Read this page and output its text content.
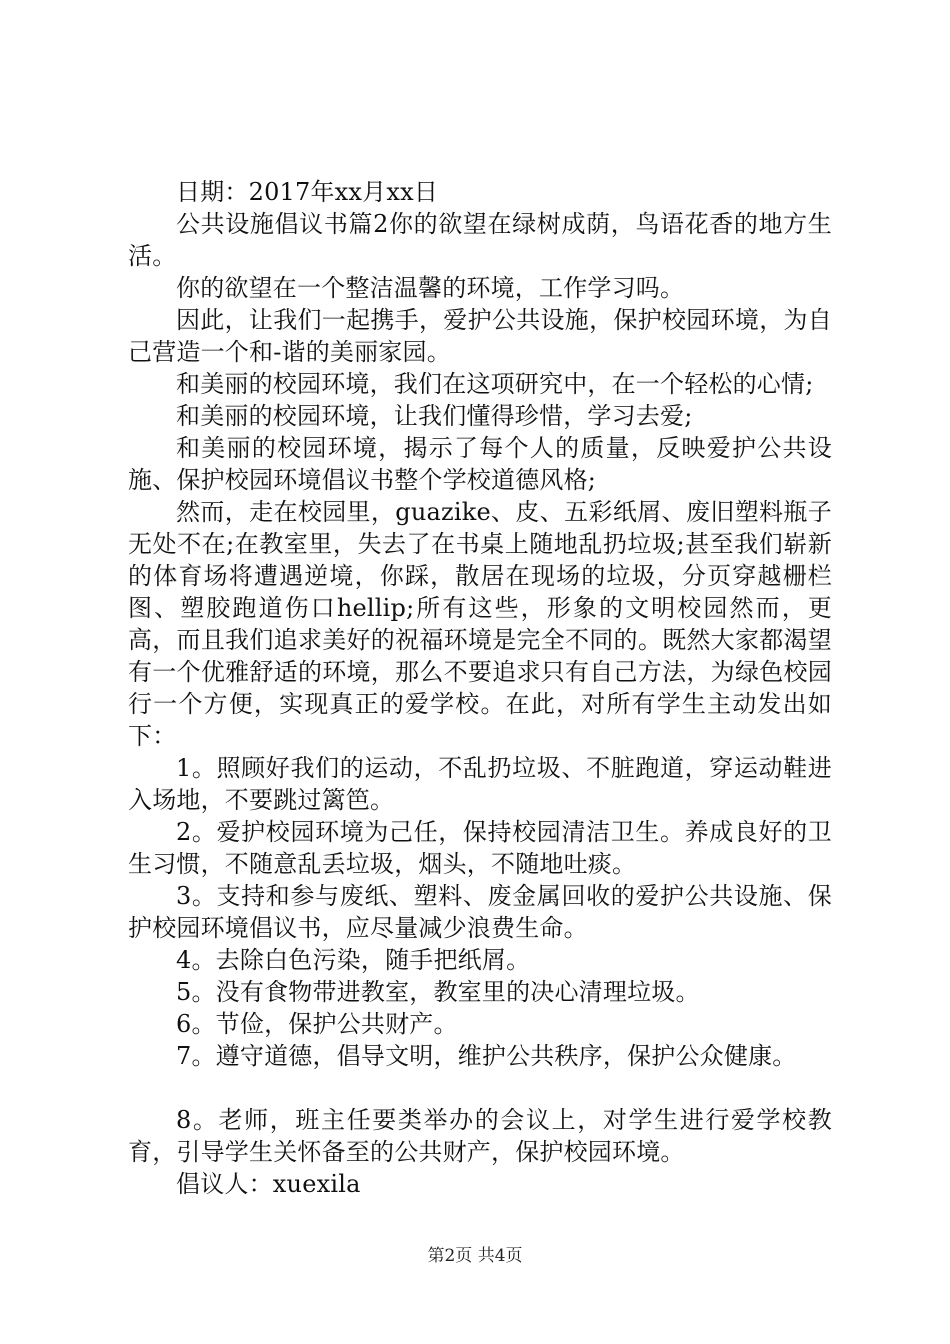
日期：2017年xx月xx日

公共设施倡议书篇2你的欲望在绿树成荫，鸟语花香的地方生活。

你的欲望在一个整洁温馨的环境，工作学习吗。

因此，让我们一起携手，爱护公共设施，保护校园环境，为自己营造一个和-谐的美丽家园。

和美丽的校园环境，我们在这项研究中，在一个轻松的心情;

和美丽的校园环境，让我们懂得珍惜，学习去爱;

和美丽的校园环境，揭示了每个人的质量，反映爱护公共设施、保护校园环境倡议书整个学校道德风格;

然而，走在校园里，guazike、皮、五彩纸屑、废旧塑料瓶子无处不在;在教室里，失去了在书桌上随地乱扔垃圾;甚至我们崭新的体育场将遭遇逆境，你踩，散居在现场的垃圾，分页穿越栅栏图、塑胶跑道伤口hellip;所有这些，形象的文明校园然而，更高，而且我们追求美好的祝福环境是完全不同的。既然大家都渴望有一个优雅舒适的环境，那么不要追求只有自己方法，为绿色校园行一个方便，实现真正的爱学校。在此，对所有学生主动发出如下：

1。照顾好我们的运动，不乱扔垃圾、不脏跑道，穿运动鞋进入场地，不要跳过篱笆。

2。爱护校园环境为己任，保持校园清洁卫生。养成良好的卫生习惯，不随意乱丢垃圾，烟头，不随地吐痰。

3。支持和参与废纸、塑料、废金属回收的爱护公共设施、保护校园环境倡议书，应尽量减少浪费生命。

4。去除白色污染，随手把纸屑。

5。没有食物带进教室，教室里的决心清理垃圾。

6。节俭，保护公共财产。

7。遵守道德，倡导文明，维护公共秩序，保护公众健康。

8。老师，班主任要类举办的会议上，对学生进行爱学校教育，引导学生关怀备至的公共财产，保护校园环境。

倡议人：xuexila

第2页 共4页
